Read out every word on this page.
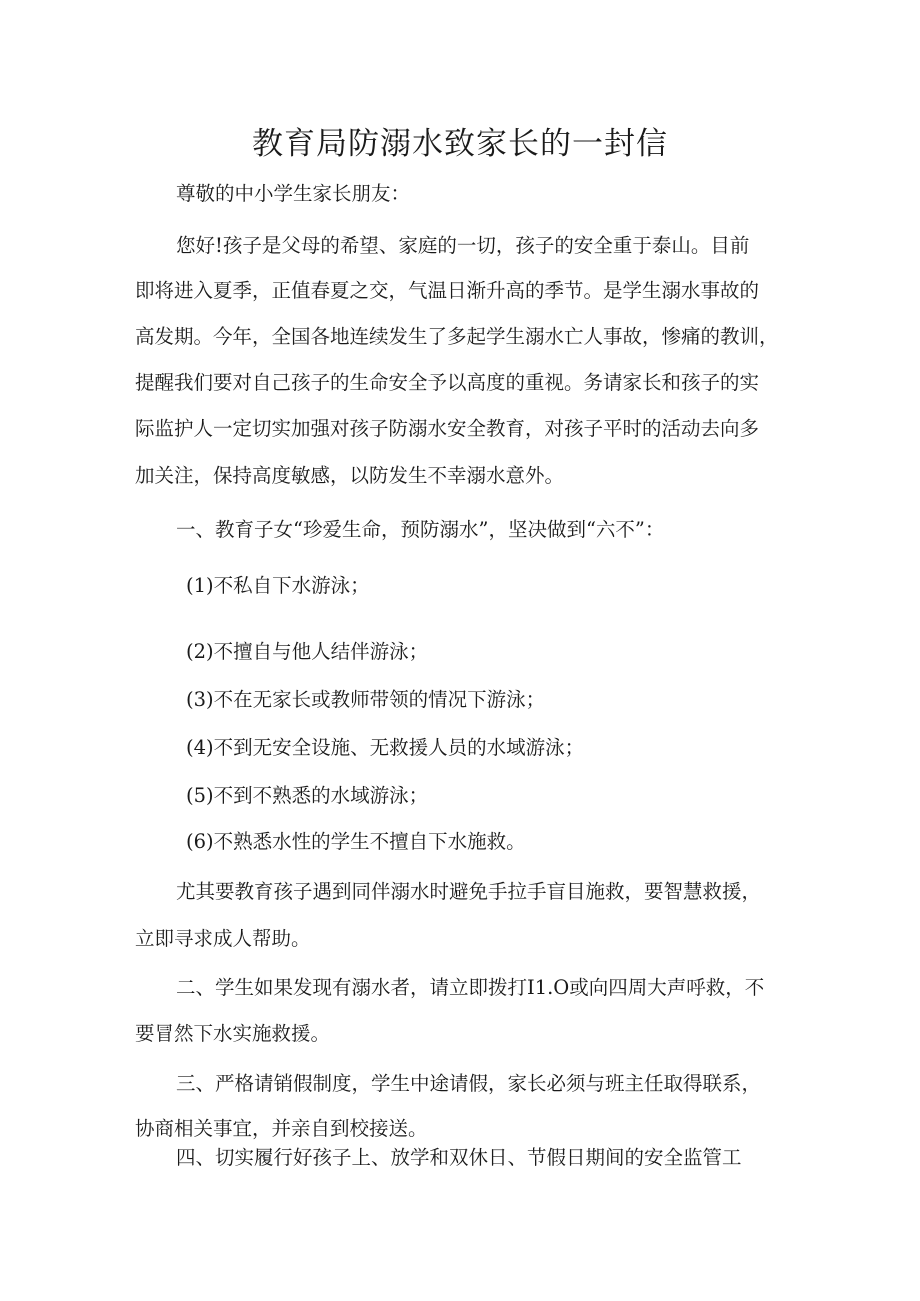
教育局防溺水致家长的一封信
尊敬的中小学生家长朋友：
您好!孩子是父母的希望、家庭的一切，孩子的安全重于泰山。目前
即将进入夏季，正值春夏之交，气温日渐升高的季节。是学生溺水事故的
高发期。今年，全国各地连续发生了多起学生溺水亡人事故，惨痛的教训，
提醒我们要对自己孩子的生命安全予以高度的重视。务请家长和孩子的实
际监护人一定切实加强对孩子防溺水安全教育，对孩子平时的活动去向多
加关注，保持高度敏感，以防发生不幸溺水意外。
一、教育子女“珍爱生命，预防溺水”，坚决做到“六不”：
(1)不私自下水游泳；
(2)不擅自与他人结伴游泳；
(3)不在无家长或教师带领的情况下游泳；
(4)不到无安全设施、无救援人员的水域游泳；
(5)不到不熟悉的水域游泳；
(6)不熟悉水性的学生不擅自下水施救。
尤其要教育孩子遇到同伴溺水时避免手拉手盲目施救，要智慧救援，
立即寻求成人帮助。
二、学生如果发现有溺水者，请立即拨打I1.O或向四周大声呼救，不
要冒然下水实施救援。
三、严格请销假制度，学生中途请假，家长必须与班主任取得联系，
协商相关事宜，并亲自到校接送。
四、切实履行好孩子上、放学和双休日、节假日期间的安全监管工
